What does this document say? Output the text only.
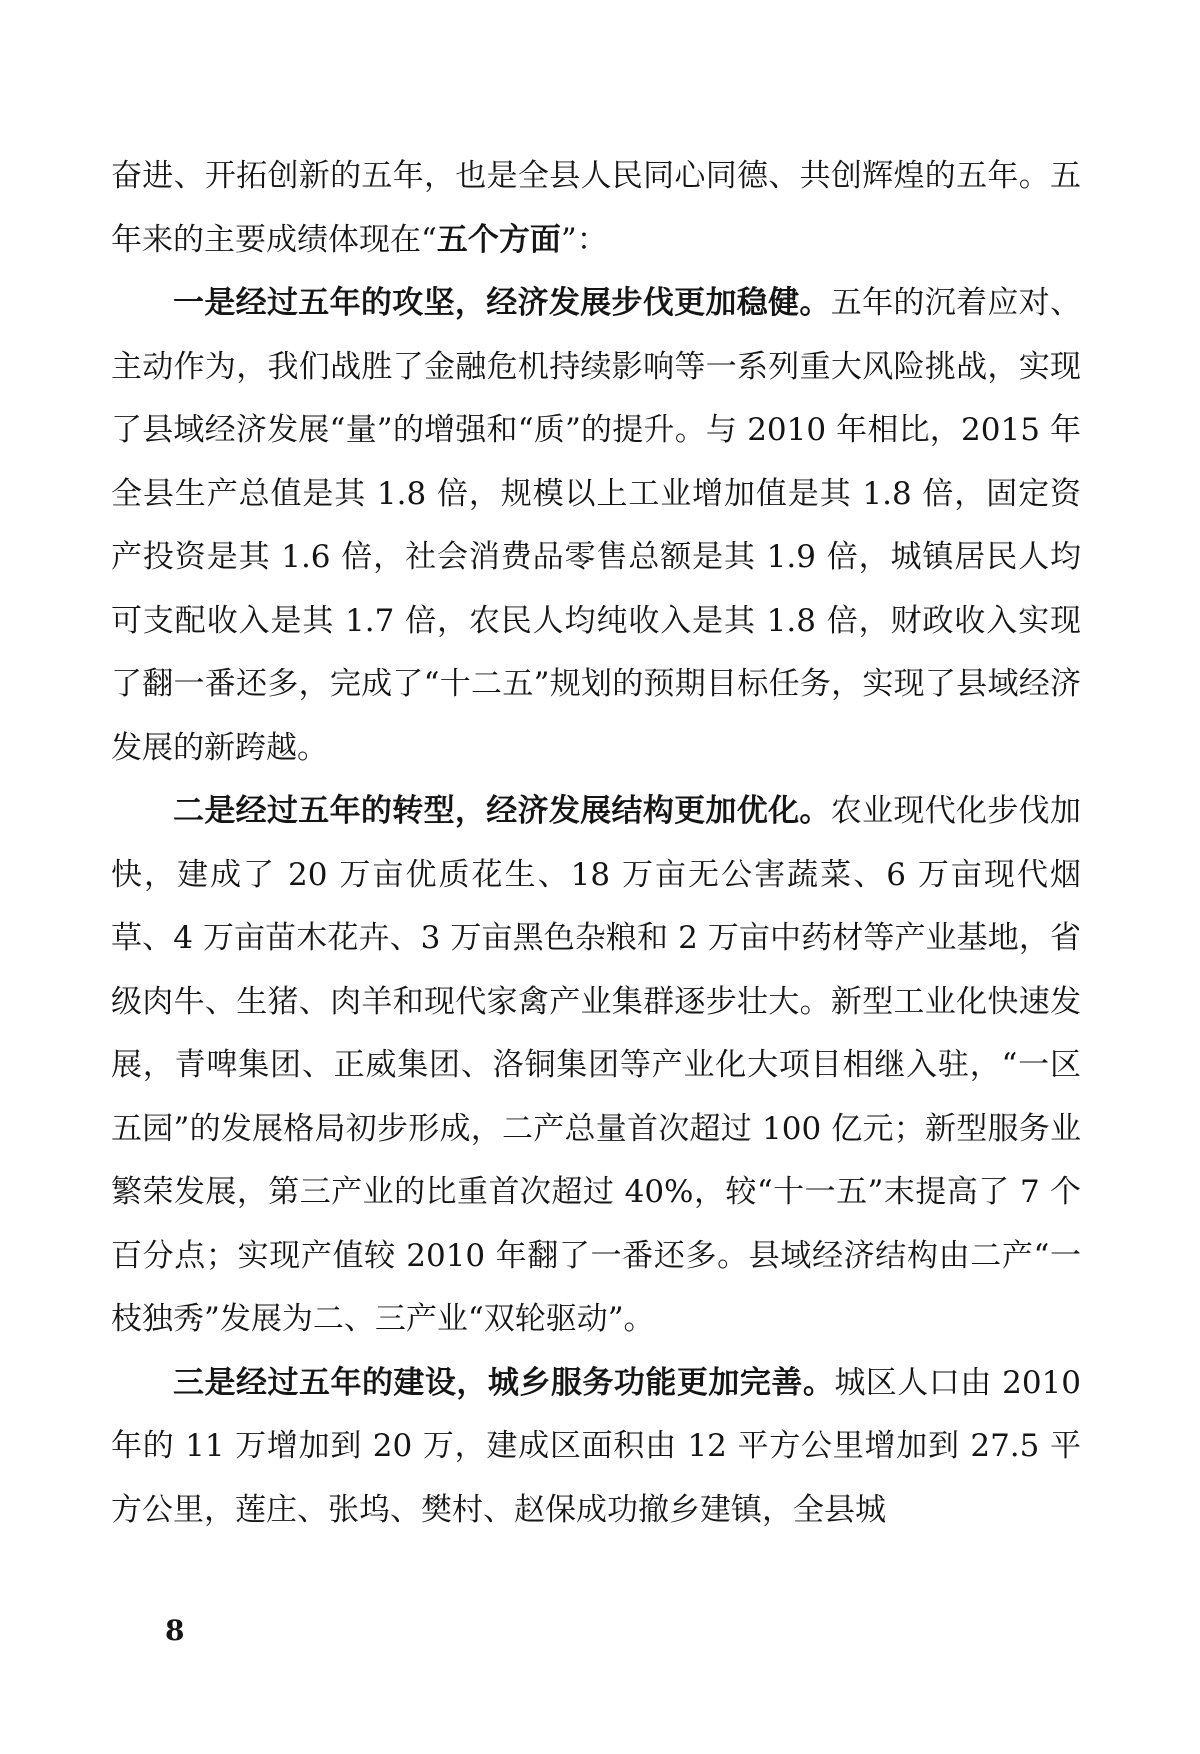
奋进、开拓创新的五年，也是全县人民同心同德、共创辉煌的五年。五年来的主要成绩体现在“五个方面”：

一是经过五年的攻坚，经济发展步伐更加稳健。五年的沉着应对、主动作为，我们战胜了金融危机持续影响等一系列重大风险挑战，实现了县域经济发展“量”的增强和“质”的提升。与 2010 年相比，2015 年全县生产总值是其 1.8 倍，规模以上工业增加值是其 1.8 倍，固定资产投资是其 1.6 倍，社会消费品零售总额是其 1.9 倍，城镇居民人均可支配收入是其 1.7 倍，农民人均纯收入是其 1.8 倍，财政收入实现了翻一番还多，完成了“十二五”规划的预期目标任务，实现了县域经济发展的新跨越。

二是经过五年的转型，经济发展结构更加优化。农业现代化步伐加快，建成了 20 万亩优质花生、18 万亩无公害蔬菜、6 万亩现代烟草、4 万亩苗木花卉、3 万亩黑色杂粮和 2 万亩中药材等产业基地，省级肉牛、生猪、肉羊和现代家禽产业集群逐步壮大。新型工业化快速发展，青啤集团、正威集团、洛铜集团等产业化大项目相继入驻，“一区五园”的发展格局初步形成，二产总量首次超过 100 亿元；新型服务业繁荣发展，第三产业的比重首次超过 40%，较“十一五”末提高了 7 个百分点；实现产值较 2010 年翻了一番还多。县域经济结构由二产“一枝独秀”发展为二、三产业“双轮驱动”。

三是经过五年的建设，城乡服务功能更加完善。城区人口由 2010 年的 11 万增加到 20 万，建成区面积由 12 平方公里增加到 27.5 平方公里，莲庄、张坞、樊村、赵保成功撤乡建镇，全县城

8
